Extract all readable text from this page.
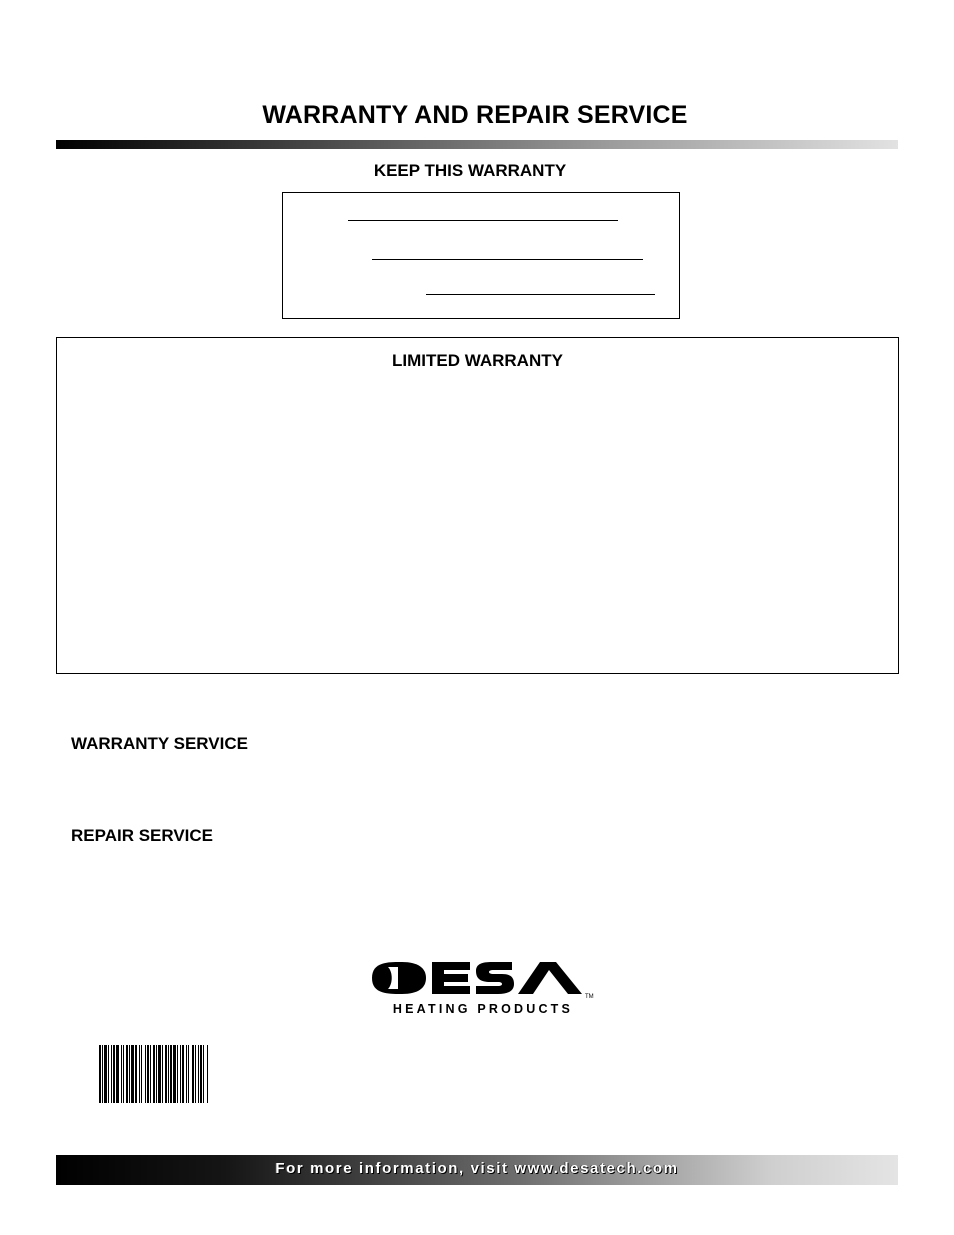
WARRANTY AND REPAIR SERVICE
KEEP THIS WARRANTY
LIMITED WARRANTY
WARRANTY SERVICE
REPAIR SERVICE
TM
HEATING PRODUCTS
For more information, visit www.desatech.com
